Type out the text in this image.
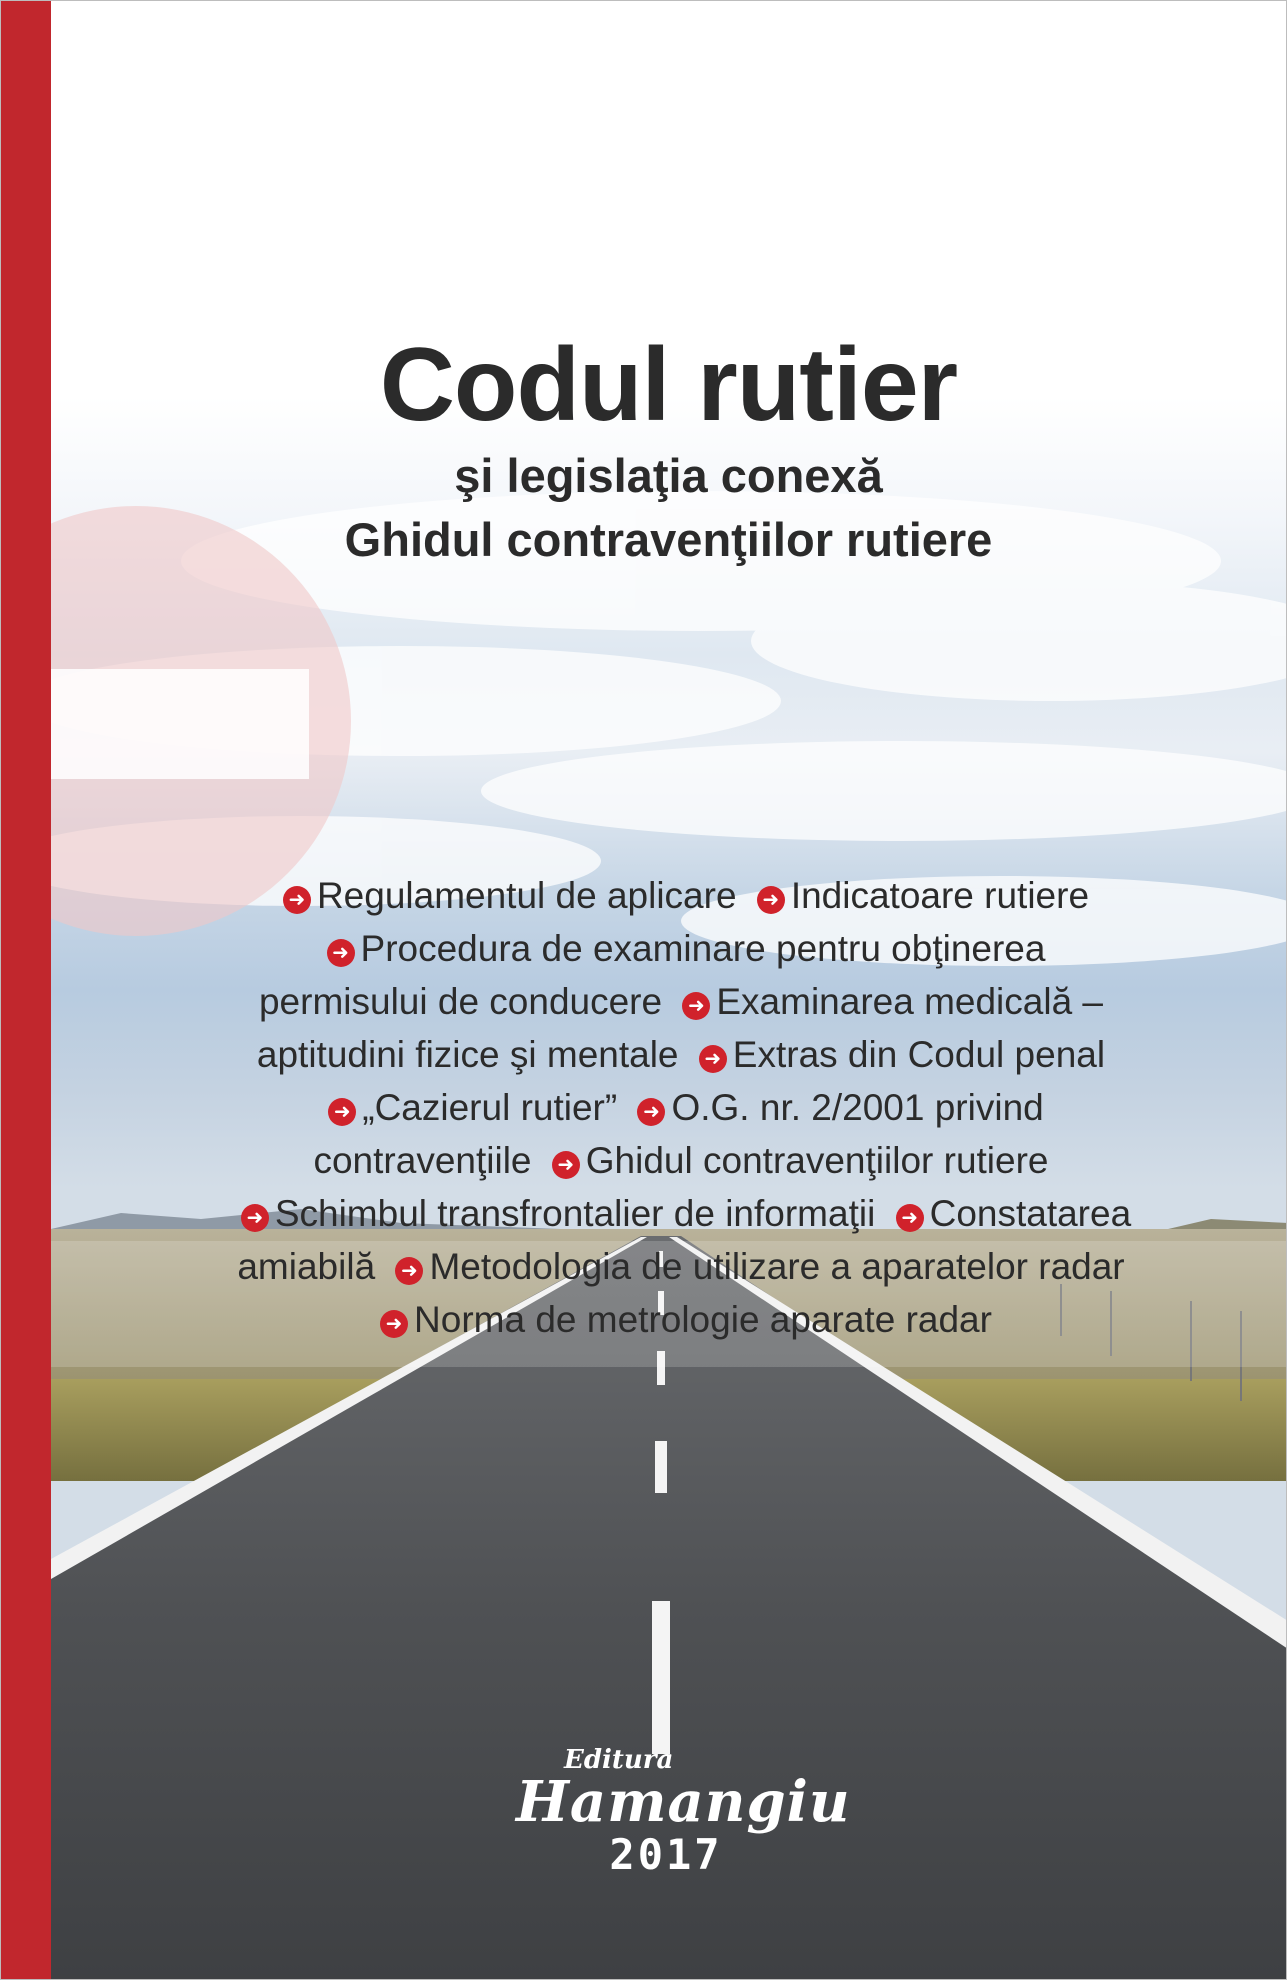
Codul rutier
şi legislaţia conexă
Ghidul contravenţiilor rutiere
➜ Regulamentul de aplicare ➜ Indicatoare rutiere
➜ Procedura de examinare pentru obţinerea
permisului de conducere ➜ Examinarea medicală –
aptitudini fizice şi mentale ➜ Extras din Codul penal
➜ „Cazierul rutier” ➜ O.G. nr. 2/2001 privind
contravenţiile ➜ Ghidul contravenţiilor rutiere
➜ Schimbul transfrontalier de informaţii ➜ Constatarea
amiabilă ➜ Metodologia de utilizare a aparatelor radar
➜ Norma de metrologie aparate radar
Editura
Hamangiu
2017
